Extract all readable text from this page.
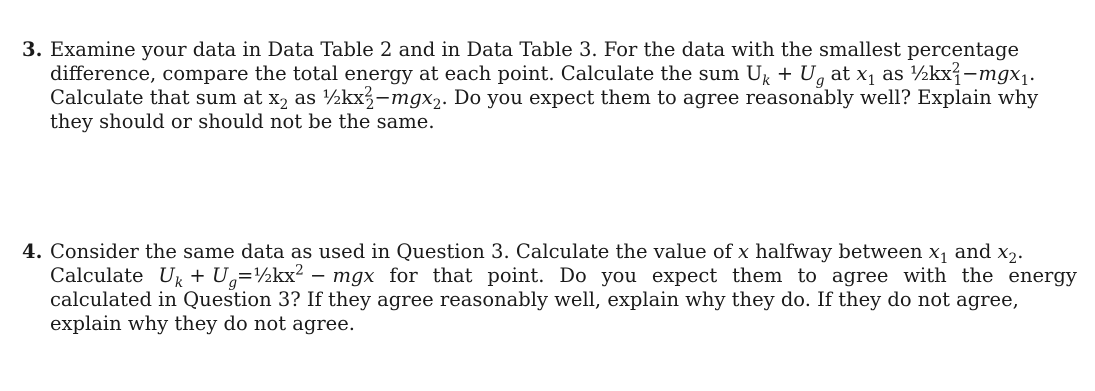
3. Examine your data in Data Table 2 and in Data Table 3. For the data with the smallest percentage
difference, compare the total energy at each point. Calculate the sum $U_k + U_g$ at $x_1$ as $\frac{1}{2}kx^2_1-mgx_1$.
Calculate that sum at $x_2$ as $\frac{1}{2}kx^2_2-mgx_2$. Do you expect them to agree reasonably well? Explain why
they should or should not be the same.
4. Consider the same data as used in Question 3. Calculate the value of x halfway between $x_1$ and $x_2$.
Calculate $U_k$ + $U_g=\frac{1}{2}kx^2$ − mgx for that point. Do you expect them to agree with the energy
calculated in Question 3? If they agree reasonably well, explain why they do. If they do not agree,
explain why they do not agree.
